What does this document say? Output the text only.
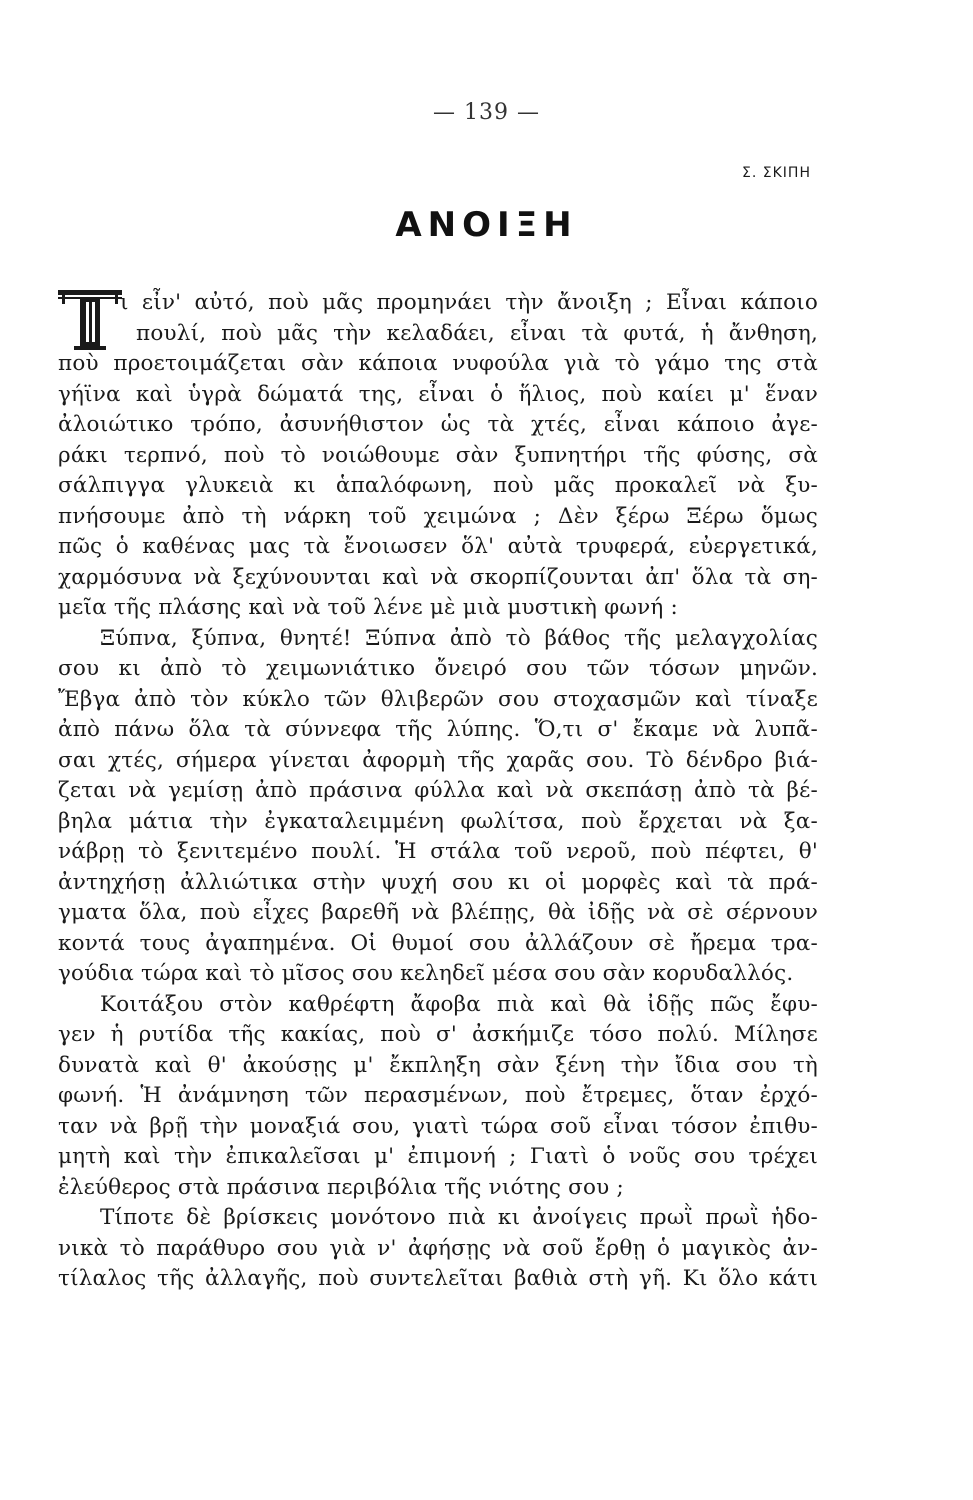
— 139 —
Σ. ΣΚΙΠΗ
ΑΝΟΙΞΗ
ι εἶν' αὐτό, ποὺ μᾶς προμηνάει τὴν ἄνοιξη ; Εἶναι κάποιο
πουλί, ποὺ μᾶς τὴν κελαδάει, εἶναι τὰ φυτά, ἡ ἄνθηση,
ποὺ προετοιμάζεται σὰν κάποια νυφούλα γιὰ τὸ γάμο της στὰ
γήϊνα καὶ ὑγρὰ δώματά της, εἶναι ὁ ἥλιος, ποὺ καίει μ' ἕναν
ἀλοιώτικο τρόπο, ἀσυνήθιστον ὡς τὰ χτές, εἶναι κάποιο ἀγε-
ράκι τερπνό, ποὺ τὸ νοιώθουμε σὰν ξυπνητήρι τῆς φύσης, σὰ
σάλπιγγα γλυκειὰ κι ἁπαλόφωνη, ποὺ μᾶς προκαλεῖ νὰ ξυ-
πνήσουμε ἀπὸ τὴ νάρκη τοῦ χειμώνα ; Δὲν ξέρω Ξέρω ὅμως
πῶς ὁ καθένας μας τὰ ἔνοιωσεν ὅλ' αὐτὰ τρυφερά, εὐεργετικά,
χαρμόσυνα νὰ ξεχύνουνται καὶ νὰ σκορπίζουνται ἀπ' ὅλα τὰ ση-
μεῖα τῆς πλάσης καὶ νὰ τοῦ λένε μὲ μιὰ μυστικὴ φωνή :
Ξύπνα, ξύπνα, θνητέ! Ξύπνα ἀπὸ τὸ βάθος τῆς μελαγχολίας
σου κι ἀπὸ τὸ χειμωνιάτικο ὄνειρό σου τῶν τόσων μηνῶν.
Ἔβγα ἀπὸ τὸν κύκλο τῶν θλιβερῶν σου στοχασμῶν καὶ τίναξε
ἀπὸ πάνω ὅλα τὰ σύννεφα τῆς λύπης. Ὅ,τι σ' ἔκαμε νὰ λυπᾶ-
σαι χτές, σήμερα γίνεται ἀφορμὴ τῆς χαρᾶς σου. Τὸ δένδρο βιά-
ζεται νὰ γεμίσῃ ἀπὸ πράσινα φύλλα καὶ νὰ σκεπάσῃ ἀπὸ τὰ βέ-
βηλα μάτια τὴν ἐγκαταλειμμένη φωλίτσα, ποὺ ἔρχεται νὰ ξα-
νάβρῃ τὸ ξενιτεμένο πουλί. Ἡ στάλα τοῦ νεροῦ, ποὺ πέφτει, θ'
ἀντηχήσῃ ἀλλιώτικα στὴν ψυχή σου κι οἱ μορφὲς καὶ τὰ πρά-
γματα ὅλα, ποὺ εἶχες βαρεθῆ νὰ βλέπῃς, θὰ ἰδῇς νὰ σὲ σέρνουν
κοντά τους ἀγαπημένα. Οἱ θυμοί σου ἀλλάζουν σὲ ἤρεμα τρα-
γούδια τώρα καὶ τὸ μῖσος σου κεληδεῖ μέσα σου σὰν κορυδαλλός.
Κοιτάξου στὸν καθρέφτη ἄφοβα πιὰ καὶ θὰ ἰδῇς πῶς ἔφυ-
γεν ἡ ρυτίδα τῆς κακίας, ποὺ σ' ἀσκήμιζε τόσο πολύ. Μίλησε
δυνατὰ καὶ θ' ἀκούσῃς μ' ἔκπληξη σὰν ξένη τὴν ἴδια σου τὴ
φωνή. Ἡ ἀνάμνηση τῶν περασμένων, ποὺ ἔτρεμες, ὅταν ἐρχό-
ταν νὰ βρῇ τὴν μοναξιά σου, γιατὶ τώρα σοῦ εἶναι τόσον ἐπιθυ-
μητὴ καὶ τὴν ἐπικαλεῖσαι μ' ἐπιμονή ; Γιατὶ ὁ νοῦς σου τρέχει
ἐλεύθερος στὰ πράσινα περιβόλια τῆς νιότης σου ;
Τίποτε δὲ βρίσκεις μονότονο πιὰ κι ἀνοίγεις πρωῒ πρωῒ ἡδο-
νικὰ τὸ παράθυρο σου γιὰ ν' ἀφήσῃς νὰ σοῦ ἔρθῃ ὁ μαγικὸς ἀν-
τίλαλος τῆς ἀλλαγῆς, ποὺ συντελεῖται βαθιὰ στὴ γῆ. Κι ὅλο κάτι
